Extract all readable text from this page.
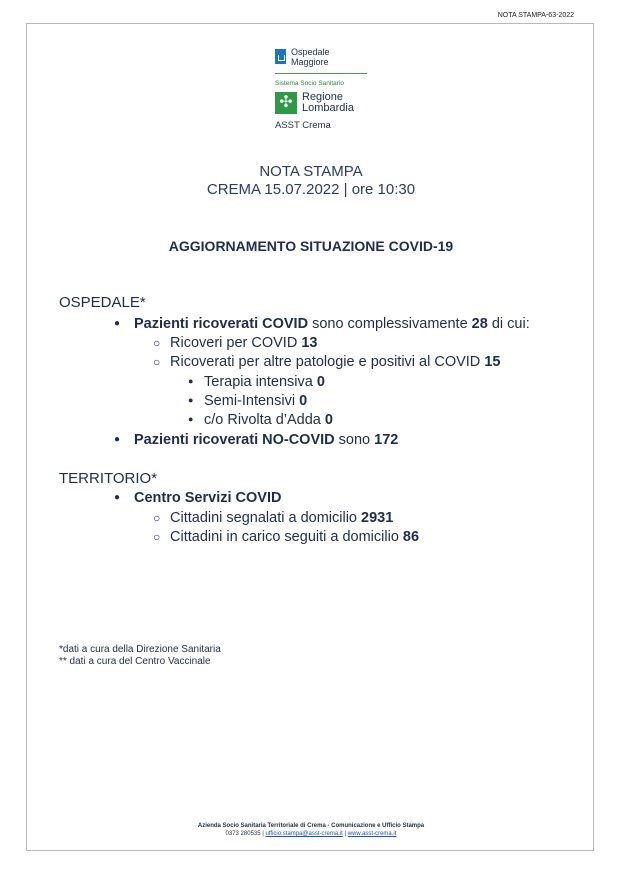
NOTA STAMPA-63-2022
Ospedale
Maggiore
Sistema Socio Sanitario
✣ Regione
Lombardia
ASST Crema
NOTA STAMPA
CREMA 15.07.2022 | ore 10:30
AGGIORNAMENTO SITUAZIONE COVID-19
OSPEDALE*
● Pazienti ricoverati COVID sono complessivamente 28 di cui:
○ Ricoveri per COVID 13
○ Ricoverati per altre patologie e positivi al COVID 15
● Terapia intensiva 0
● Semi-Intensivi 0
● c/o Rivolta d’Adda 0
● Pazienti ricoverati NO-COVID sono 172
TERRITORIO*
● Centro Servizi COVID
○ Cittadini segnalati a domicilio 2931
○ Cittadini in carico seguiti a domicilio 86
*dati a cura della Direzione Sanitaria
** dati a cura del Centro Vaccinale
Azienda Socio Sanitaria Territoriale di Crema - Comunicazione e Ufficio Stampa
0373 280535 | ufficio.stampa@asst-crema.it | www.asst-crema.it
